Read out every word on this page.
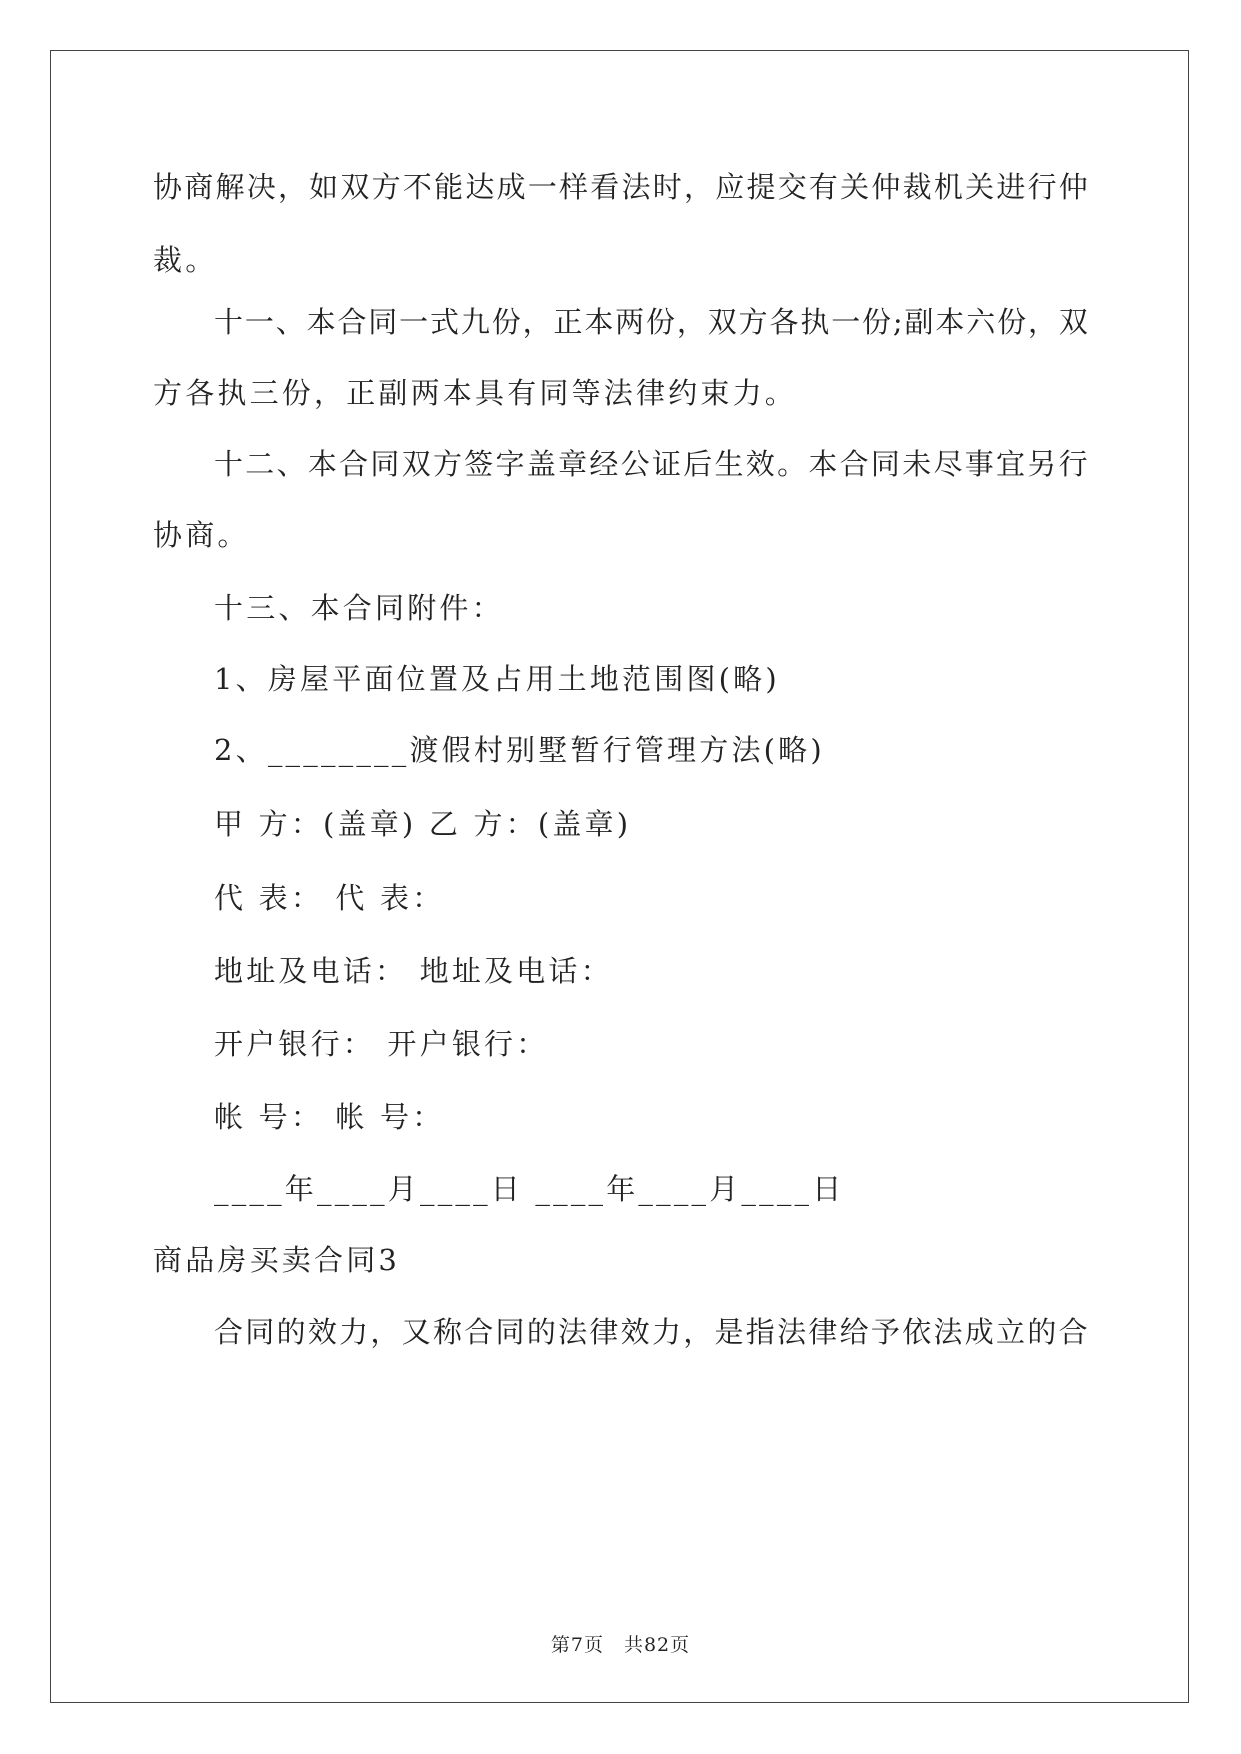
协 商 解 决 ， 如 双 方 不 能 达 成 一 样 看 法 时 ， 应 提 交 有 关 仲 裁 机 关 进 行 仲
裁。
十 一 、 本 合 同 一 式 九 份 ， 正 本 两 份 ， 双 方 各 执 一 份 ; 副 本 六 份 ， 双
方各执三份，正副两本具有同等法律约束力。
十 二 、 本 合 同 双 方 签 字 盖 章 经 公 证 后 生 效 。 本 合 同 未 尽 事 宜 另 行
协商。
十三、本合同附件：
1、房屋平面位置及占用土地范围图(略)
2、________渡假村别墅暂行管理方法(略)
甲 方：(盖章) 乙 方：(盖章)
代 表： 代 表：
地址及电话： 地址及电话：
开户银行： 开户银行：
帐 号： 帐 号：
____年____月____日 ____年____月____日
商品房买卖合同3
合 同 的 效 力 ， 又 称 合 同 的 法 律 效 力 ， 是 指 法 律 给 予 依 法 成 立 的 合
第7页　共82页
